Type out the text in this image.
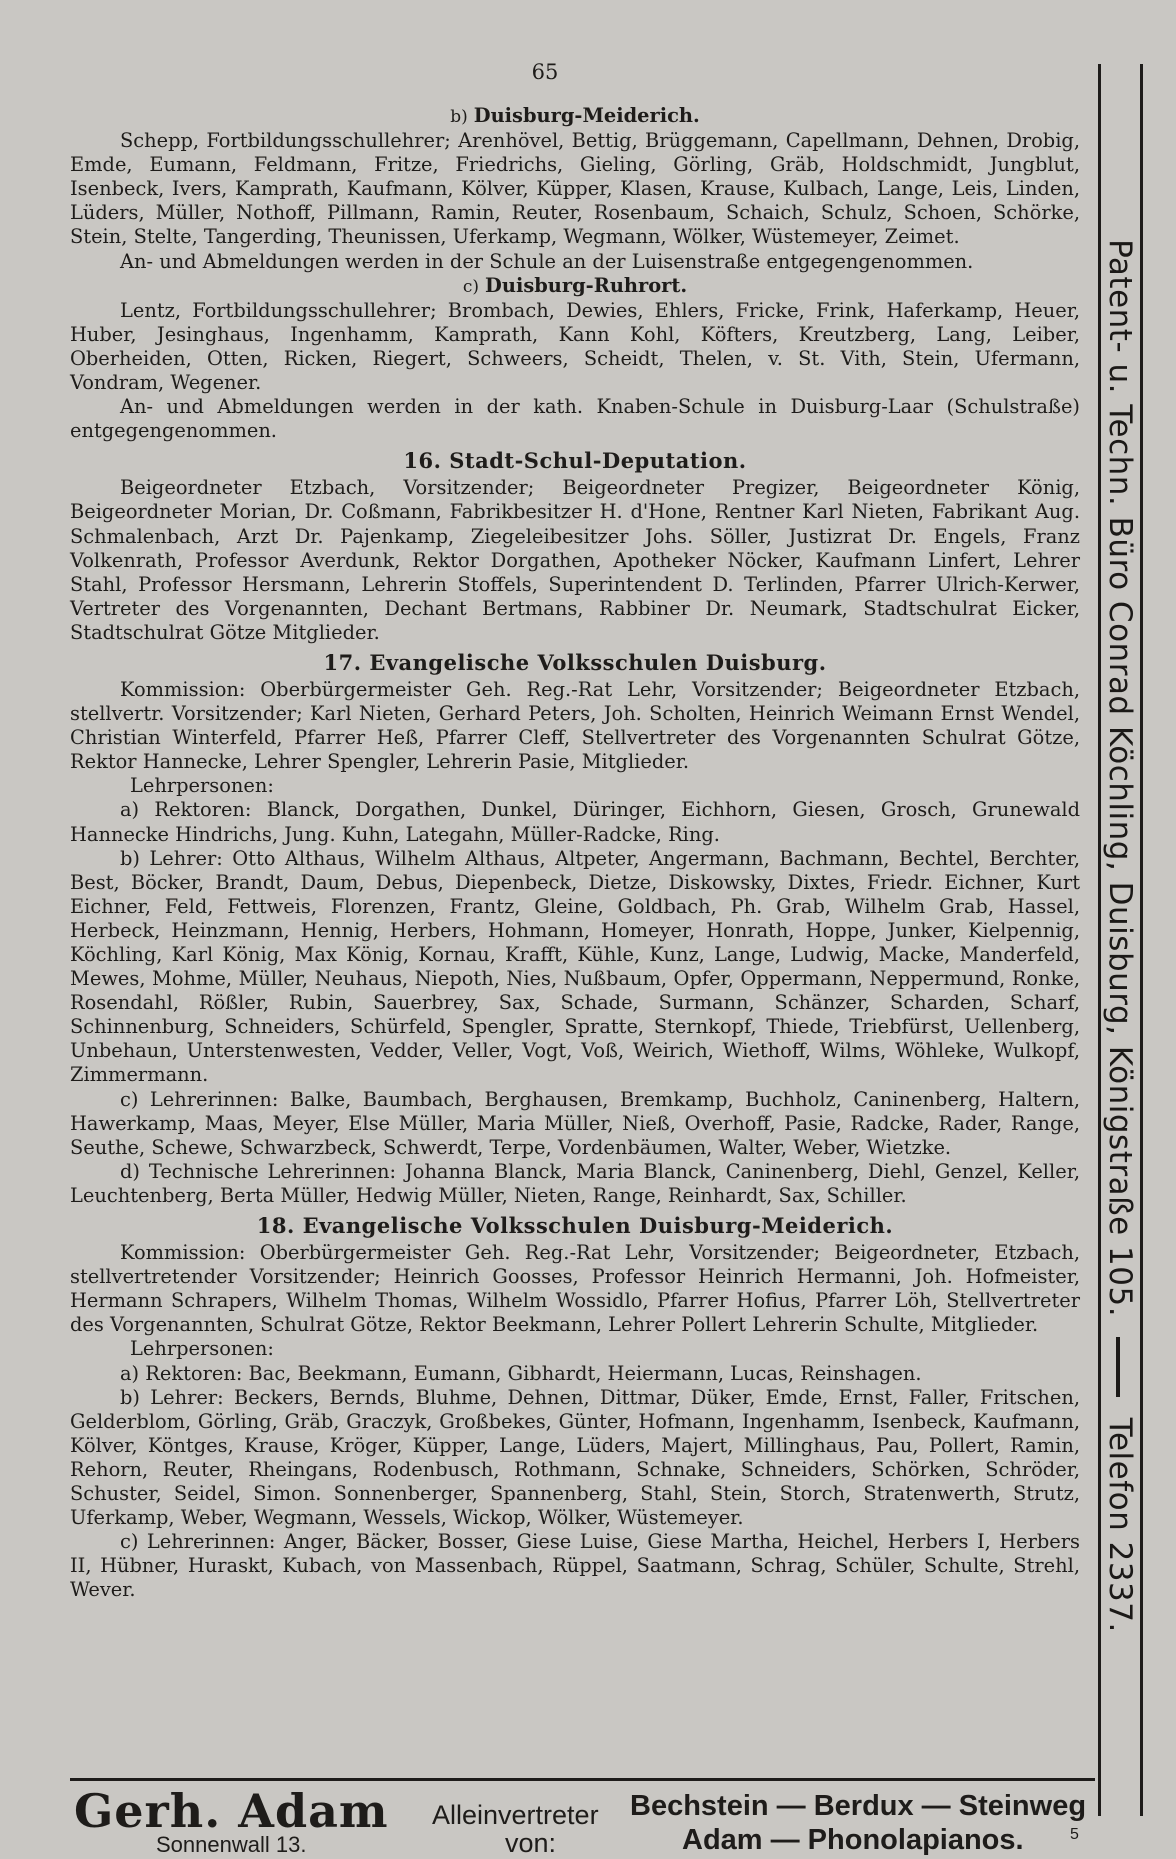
65
b) Duisburg-Meiderich.

Schepp, Fortbildungsschullehrer; Arenhövel, Bettig, Brüggemann, Capellmann, Dehnen, Drobig, Emde, Eumann, Feldmann, Fritze, Friedrichs, Gieling, Görling, Gräb, Holdschmidt, Jungblut, Isenbeck, Ivers, Kamprath, Kaufmann, Kölver, Küpper, Klasen, Krause, Kulbach, Lange, Leis, Linden, Lüders, Müller, Nothoff, Pillmann, Ramin, Reuter, Rosenbaum, Schaich, Schulz, Schoen, Schörke, Stein, Stelte, Tangerding, Theunissen, Uferkamp, Wegmann, Wölker, Wüstemeyer, Zeimet.

An- und Abmeldungen werden in der Schule an der Luisenstraße entgegengenommen.

c) Duisburg-Ruhrort.

Lentz, Fortbildungsschullehrer; Brombach, Dewies, Ehlers, Fricke, Frink, Haferkamp, Heuer, Huber, Jesinghaus, Ingenhamm, Kamprath, Kann Kohl, Köfters, Kreutzberg, Lang, Leiber, Oberheiden, Otten, Ricken, Riegert, Schweers, Scheidt, Thelen, v. St. Vith, Stein, Ufermann, Vondram, Wegener.

An- und Abmeldungen werden in der kath. Knaben-Schule in Duisburg-Laar (Schulstraße) entgegengenommen.

16. Stadt-Schul-Deputation.

Beigeordneter Etzbach, Vorsitzender; Beigeordneter Pregizer, Beigeordneter König, Beigeordneter Morian, Dr. Coßmann, Fabrikbesitzer H. d'Hone, Rentner Karl Nieten, Fabrikant Aug. Schmalenbach, Arzt Dr. Pajenkamp, Ziegeleibesitzer Johs. Söller, Justizrat Dr. Engels, Franz Volkenrath, Professor Averdunk, Rektor Dorgathen, Apotheker Nöcker, Kaufmann Linfert, Lehrer Stahl, Professor Hersmann, Lehrerin Stoffels, Superintendent D. Terlinden, Pfarrer Ulrich-Kerwer, Vertreter des Vorgenannten, Dechant Bertmans, Rabbiner Dr. Neumark, Stadtschulrat Eicker, Stadtschulrat Götze Mitglieder.

17. Evangelische Volksschulen Duisburg.

Kommission: Oberbürgermeister Geh. Reg.-Rat Lehr, Vorsitzender; Beigeordneter Etzbach, stellvertr. Vorsitzender; Karl Nieten, Gerhard Peters, Joh. Scholten, Heinrich Weimann Ernst Wendel, Christian Winterfeld, Pfarrer Heß, Pfarrer Cleff, Stellvertreter des Vorgenannten Schulrat Götze, Rektor Hannecke, Lehrer Spengler, Lehrerin Pasie, Mitglieder.

Lehrpersonen:

a) Rektoren: Blanck, Dorgathen, Dunkel, Düringer, Eichhorn, Giesen, Grosch, Grunewald Hannecke Hindrichs, Jung. Kuhn, Lategahn, Müller-Radcke, Ring.

b) Lehrer: Otto Althaus, Wilhelm Althaus, Altpeter, Angermann, Bachmann, Bechtel, Berchter, Best, Böcker, Brandt, Daum, Debus, Diepenbeck, Dietze, Diskowsky, Dixtes, Friedr. Eichner, Kurt Eichner, Feld, Fettweis, Florenzen, Frantz, Gleine, Goldbach, Ph. Grab, Wilhelm Grab, Hassel, Herbeck, Heinzmann, Hennig, Herbers, Hohmann, Homeyer, Honrath, Hoppe, Junker, Kielpennig, Köchling, Karl König, Max König, Kornau, Krafft, Kühle, Kunz, Lange, Ludwig, Macke, Manderfeld, Mewes, Mohme, Müller, Neuhaus, Niepoth, Nies, Nußbaum, Opfer, Oppermann, Neppermund, Ronke, Rosendahl, Rößler, Rubin, Sauerbrey, Sax, Schade, Surmann, Schänzer, Scharden, Scharf, Schinnenburg, Schneiders, Schürfeld, Spengler, Spratte, Sternkopf, Thiede, Triebfürst, Uellenberg, Unbehaun, Unterstenwesten, Vedder, Veller, Vogt, Voß, Weirich, Wiethoff, Wilms, Wöhleke, Wulkopf, Zimmermann.

c) Lehrerinnen: Balke, Baumbach, Berghausen, Bremkamp, Buchholz, Caninenberg, Haltern, Hawerkamp, Maas, Meyer, Else Müller, Maria Müller, Nieß, Overhoff, Pasie, Radcke, Rader, Range, Seuthe, Schewe, Schwarzbeck, Schwerdt, Terpe, Vordenbäumen, Walter, Weber, Wietzke.

d) Technische Lehrerinnen: Johanna Blanck, Maria Blanck, Caninenberg, Diehl, Genzel, Keller, Leuchtenberg, Berta Müller, Hedwig Müller, Nieten, Range, Reinhardt, Sax, Schiller.

18. Evangelische Volksschulen Duisburg-Meiderich.

Kommission: Oberbürgermeister Geh. Reg.-Rat Lehr, Vorsitzender; Beigeordneter, Etzbach, stellvertretender Vorsitzender; Heinrich Goosses, Professor Heinrich Hermanni, Joh. Hofmeister, Hermann Schrapers, Wilhelm Thomas, Wilhelm Wossidlo, Pfarrer Hofius, Pfarrer Löh, Stellvertreter des Vorgenannten, Schulrat Götze, Rektor Beekmann, Lehrer Pollert Lehrerin Schulte, Mitglieder.

Lehrpersonen:

a) Rektoren: Bac, Beekmann, Eumann, Gibhardt, Heiermann, Lucas, Reinshagen.

b) Lehrer: Beckers, Bernds, Bluhme, Dehnen, Dittmar, Düker, Emde, Ernst, Faller, Fritschen, Gelderblom, Görling, Gräb, Graczyk, Großbekes, Günter, Hofmann, Ingenhamm, Isenbeck, Kaufmann, Kölver, Köntges, Krause, Kröger, Küpper, Lange, Lüders, Majert, Millinghaus, Pau, Pollert, Ramin, Rehorn, Reuter, Rheingans, Rodenbusch, Rothmann, Schnake, Schneiders, Schörken, Schröder, Schuster, Seidel, Simon. Sonnenberger, Spannenberg, Stahl, Stein, Storch, Stratenwerth, Strutz, Uferkamp, Weber, Wegmann, Wessels, Wickop, Wölker, Wüstemeyer.

c) Lehrerinnen: Anger, Bäcker, Bosser, Giese Luise, Giese Martha, Heichel, Herbers I, Herbers II, Hübner, Huraskt, Kubach, von Massenbach, Rüppel, Saatmann, Schrag, Schüler, Schulte, Strehl, Wever.

Patent- u. Techn. Büro Conrad Köchling, Duisburg, Königstraße 105.  Telefon 2337.
Gerh. Adam
Sonnenwall 13.
Alleinvertreter
von:
Bechstein — Berdux — Steinweg
Adam — Phonolapianos.	5
